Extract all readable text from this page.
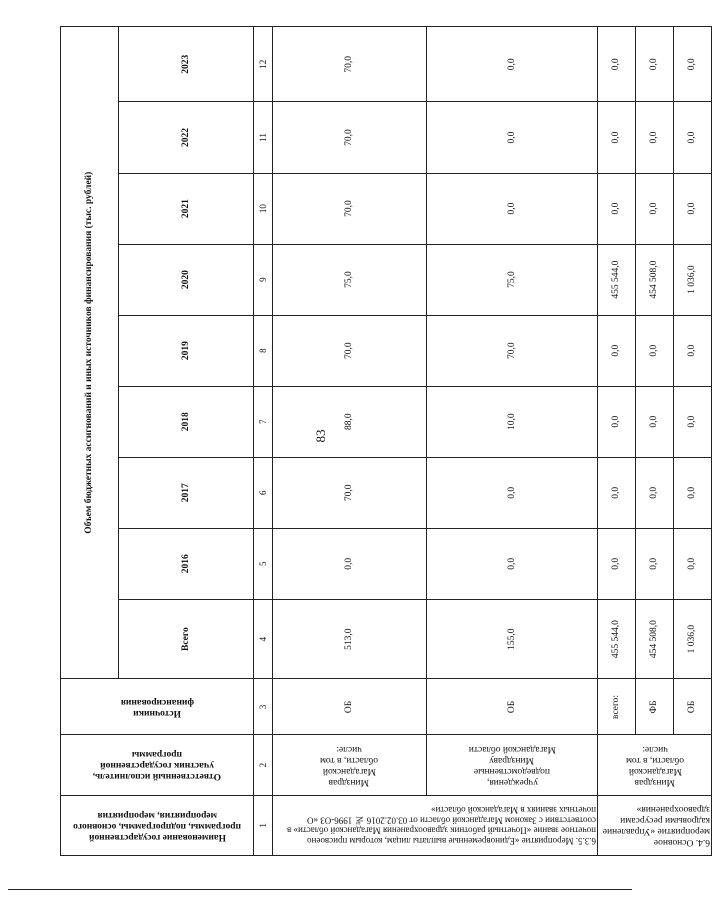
83
Наименование государственной программы, подпрограммы, основного мероприятия, мероприятия	Ответственный исполнитель, участник государственной программы	Источники финансирования	Объем бюджетных ассигнований и иных источников финансирования (тыс. рублей)								
			Всего	2016	2017	2018	2019	2020	2021	2022	2023
1	2	3	4	5	6	7	8	9	10	11	12

6.3.5. Мероприятие «Единовременные выплаты лицам, которым присвоено почетное звание «Почетный работник здравоохранения Магаданской области» в соответствии с Законом Магаданской области от 03.02.2016 № 1996-ОЗ «О почетных званиях в Магаданской области»	Минздрав Магаданской области, в том числе:	ОБ	513,0	0,0	70,0	88,0	70,0	75,0	70,0	70,0	70,0

	учреждения, подведомственные Минздраву Магаданской области	ОБ	155,0	0,0	0,0	10,0	70,0	75,0	0,0	0,0	0,0

6.4. Основное мероприятие «Управление кадровыми ресурсами здравоохранения»	Минздрав Магаданской области, в том числе:	всего:	455 544,0	0,0	0,0	0,0	0,0	455 544,0	0,0	0,0	0,0
		ФБ	454 508,0	0,0	0,0	0,0	0,0	454 508,0	0,0	0,0	0,0
		ОБ	1 036,0	0,0	0,0	0,0	0,0	1 036,0	0,0	0,0	0,0
